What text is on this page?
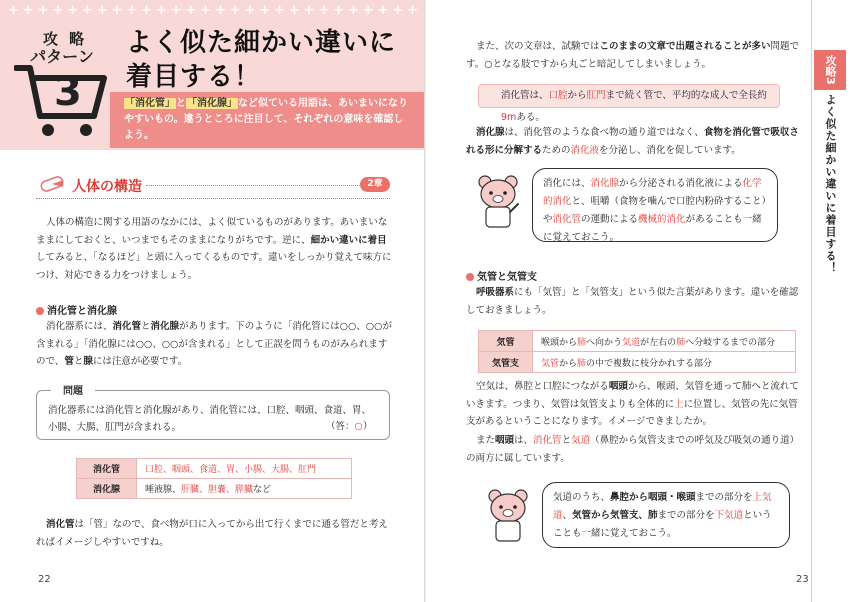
+ + + + + + + + + + + + + + + + + + + + + + + + + + + +
攻 略
パターン
3
よく似た細かい違いに
着目する！
「消化管」と「消化腺」など似ている用語は、あいまいになりやすいもの。違うところに注目して、それぞれの意味を確認しよう。
人体の構造	2章
人体の構造に関する用語のなかには、よく似ているものがあります。あいまいなままにしておくと、いつまでもそのままになりがちです。逆に、細かい違いに着目してみると、「なるほど」と頭に入ってくるものです。違いをしっかり覚えて味方につけ、対応できる力をつけましょう。
消化管と消化腺
消化器系には、消化管と消化腺があります。下のように「消化管には○○、○○が含まれる」「消化腺には○○、○○が含まれる」として正誤を問うものがみられますので、管と腺には注意が必要です。
問題
消化器系には消化管と消化腺があり、消化管には、口腔、咽頭、食道、胃、小腸、大腸、肛門が含まれる。	（答：○）
消化管	口腔、咽頭、食道、胃、小腸、大腸、肛門
消化腺	唾液腺、肝臓、胆嚢、膵臓など
消化管は「管」なので、食べ物が口に入ってから出て行くまでに通る管だと考えればイメージしやすいですね。
22
攻略3
よく似た細かい違いに着目する！
また、次の文章は、試験ではこのままの文章で出題されることが多い問題です。○となる肢ですから丸ごと暗記してしまいましょう。
消化管は、口腔から肛門まで続く管で、平均的な成人で全長約9mある。
消化腺は、消化管のような食べ物の通り道ではなく、食物を消化管で吸収される形に分解するための消化液を分泌し、消化を促しています。
消化には、消化腺から分泌される消化液による化学的消化と、咀嚼（食物を噛んで口腔内粉砕すること）や消化管の運動による機械的消化があることも一緒に覚えておこう。
気管と気管支
呼吸器系にも「気管」と「気管支」という似た言葉があります。違いを確認しておきましょう。
気管	喉頭から肺へ向かう気道が左右の肺へ分岐するまでの部分
気管支	気管から肺の中で複数に枝分かれする部分
空気は、鼻腔と口腔につながる咽頭から、喉頭、気管を通って肺へと流れていきます。つまり、気管は気管支よりも全体的に上に位置し、気管の先に気管支があるということになります。イメージできましたか。
また咽頭は、消化管と気道（鼻腔から気管支までの呼気及び吸気の通り道）の両方に属しています。
気道のうち、鼻腔から咽頭・喉頭までの部分を上気道、気管から気管支、肺までの部分を下気道ということも一緒に覚えておこう。
23
